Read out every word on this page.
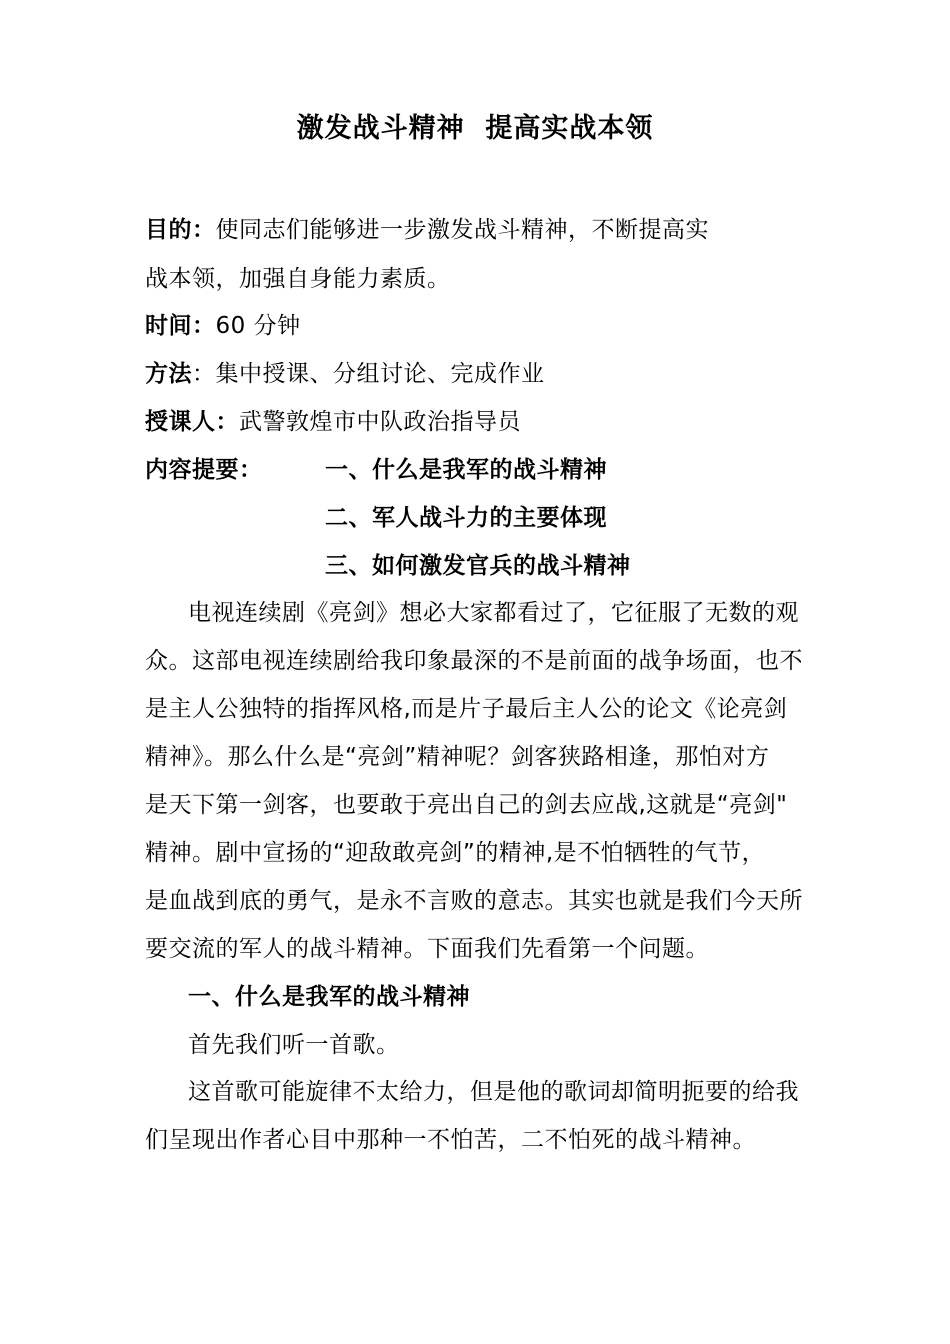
激发战斗精神  提高实战本领
目的：使同志们能够进一步激发战斗精神，不断提高实
战本领，加强自身能力素质。
时间：60 分钟
方法：集中授课、分组讨论、完成作业
授课人：武警敦煌市中队政治指导员
内容提要：	一、什么是我军的战斗精神
二、军人战斗力的主要体现
三、如何激发官兵的战斗精神
电视连续剧《亮剑》想必大家都看过了，它征服了无数的观
众。这部电视连续剧给我印象最深的不是前面的战争场面，也不
是主人公独特的指挥风格,而是片子最后主人公的论文《论亮剑
精神》。那么什么是“亮剑”精神呢？剑客狭路相逢，那怕对方
是天下第一剑客，也要敢于亮出自己的剑去应战,这就是“亮剑"
精神。剧中宣扬的“迎敌敢亮剑”的精神,是不怕牺牲的气节，
是血战到底的勇气，是永不言败的意志。其实也就是我们今天所
要交流的军人的战斗精神。下面我们先看第一个问题。
一、什么是我军的战斗精神
首先我们听一首歌。
这首歌可能旋律不太给力，但是他的歌词却简明扼要的给我
们呈现出作者心目中那种一不怕苦，二不怕死的战斗精神。
